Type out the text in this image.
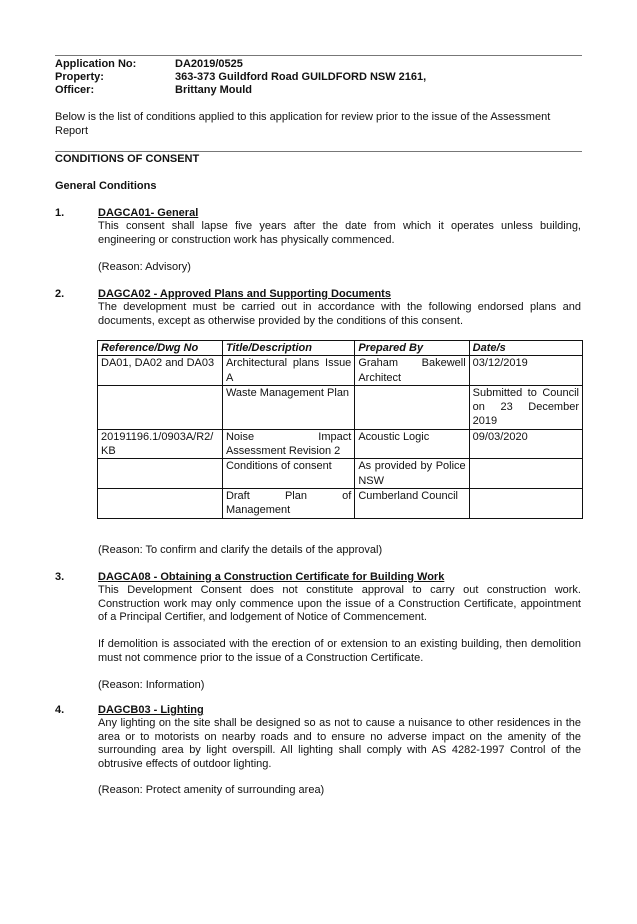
Application No:	DA2019/0525
Property:	363-373 Guildford Road GUILDFORD NSW 2161,
Officer:	Brittany Mould
Below is the list of conditions applied to this application for review prior to the issue of the Assessment Report
CONDITIONS OF CONSENT
General Conditions
1.	DAGCA01- General
This consent shall lapse five years after the date from which it operates unless building, engineering or construction work has physically commenced.
(Reason: Advisory)
2.	DAGCA02 - Approved Plans and Supporting Documents
The development must be carried out in accordance with the following endorsed plans and documents, except as otherwise provided by the conditions of this consent.
Reference/Dwg No	Title/Description	Prepared By	Date/s
DA01, DA02 and DA03	Architectural plans Issue A	Graham Bakewell Architect	03/12/2019
	Waste Management Plan		Submitted to Council on 23 December 2019
20191196.1/0903A/R2/KB	Noise Impact Assessment Revision 2	Acoustic Logic	09/03/2020
	Conditions of consent	As provided by Police NSW	
	Draft Plan of Management	Cumberland Council	
(Reason: To confirm and clarify the details of the approval)
3.	DAGCA08 - Obtaining a Construction Certificate for Building Work
This Development Consent does not constitute approval to carry out construction work. Construction work may only commence upon the issue of a Construction Certificate, appointment of a Principal Certifier, and lodgement of Notice of Commencement.
If demolition is associated with the erection of or extension to an existing building, then demolition must not commence prior to the issue of a Construction Certificate.
(Reason: Information)
4.	DAGCB03 - Lighting
Any lighting on the site shall be designed so as not to cause a nuisance to other residences in the area or to motorists on nearby roads and to ensure no adverse impact on the amenity of the surrounding area by light overspill. All lighting shall comply with AS 4282-1997 Control of the obtrusive effects of outdoor lighting.
(Reason: Protect amenity of surrounding area)
